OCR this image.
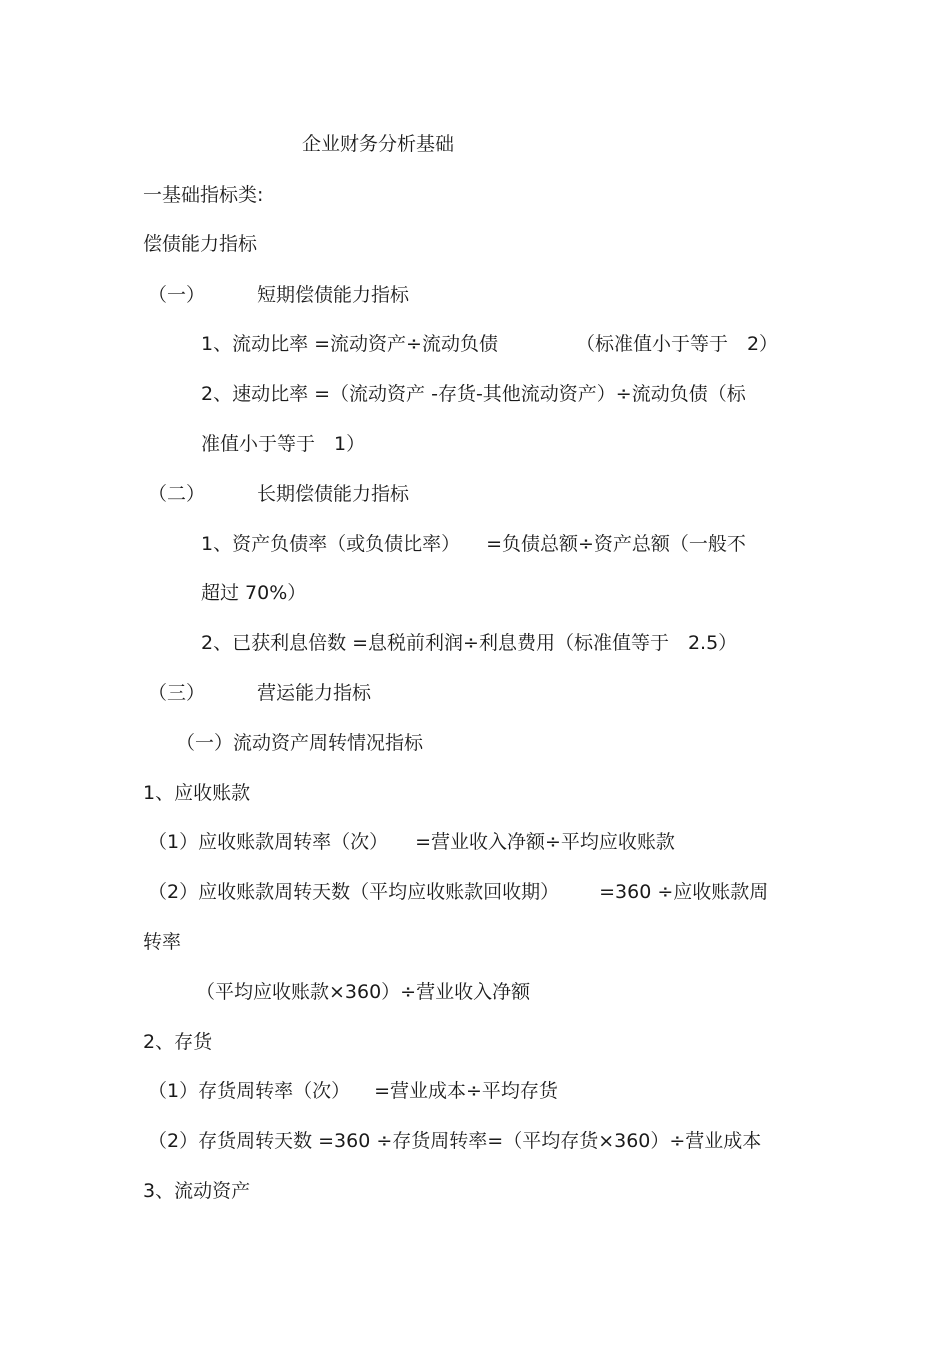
企业财务分析基础
一基础指标类:
偿债能力指标
（一）	短期偿债能力指标
1、流动比率 =流动资产÷流动负债	（标准值小于等于　2）
2、速动比率 =（流动资产 -存货-其他流动资产）÷流动负债（标
准值小于等于　1）
（二）	长期偿债能力指标
1、资产负债率（或负债比率） =负债总额÷资产总额（一般不
超过 70%）
2、已获利息倍数 =息税前利润÷利息费用（标准值等于　2.5）
（三）	营运能力指标
（一）流动资产周转情况指标
1、应收账款
（1）应收账款周转率（次） =营业收入净额÷平均应收账款
（2）应收账款周转天数（平均应收账款回收期） =360 ÷应收账款周
转率
（平均应收账款×360）÷营业收入净额
2、存货
（1）存货周转率（次） =营业成本÷平均存货
（2）存货周转天数 =360 ÷存货周转率=（平均存货×360）÷营业成本
3、流动资产
